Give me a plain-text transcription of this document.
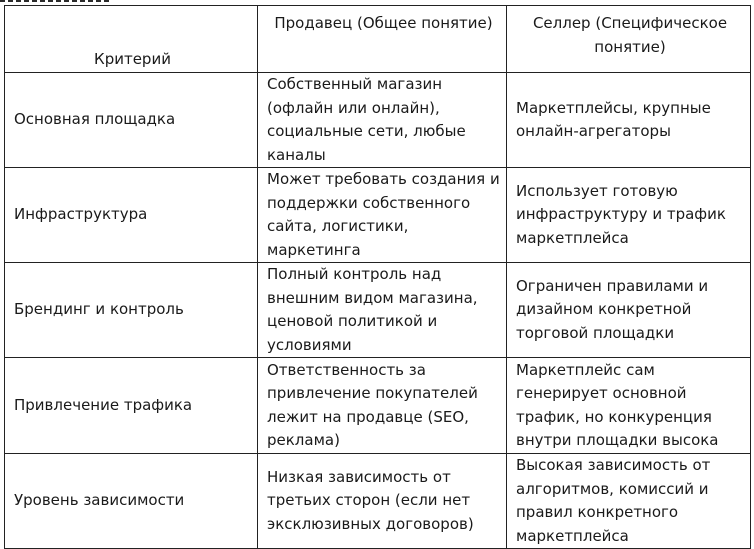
Критерий	Продавец (Общее понятие)	Селлер (Специфическое понятие)
Основная площадка	Собственный магазин (офлайн или онлайн), социальные сети, любые каналы	Маркетплейсы, крупные онлайн-агрегаторы
Инфраструктура	Может требовать создания и поддержки собственного сайта, логистики, маркетинга	Использует готовую инфраструктуру и трафик маркетплейса
Брендинг и контроль	Полный контроль над внешним видом магазина, ценовой политикой и условиями	Ограничен правилами и дизайном конкретной торговой площадки
Привлечение трафика	Ответственность за привлечение покупателей лежит на продавце (SEO, реклама)	Маркетплейс сам генерирует основной трафик, но конкуренция внутри площадки высока
Уровень зависимости	Низкая зависимость от третьих сторон (если нет эксклюзивных договоров)	Высокая зависимость от алгоритмов, комиссий и правил конкретного маркетплейса
